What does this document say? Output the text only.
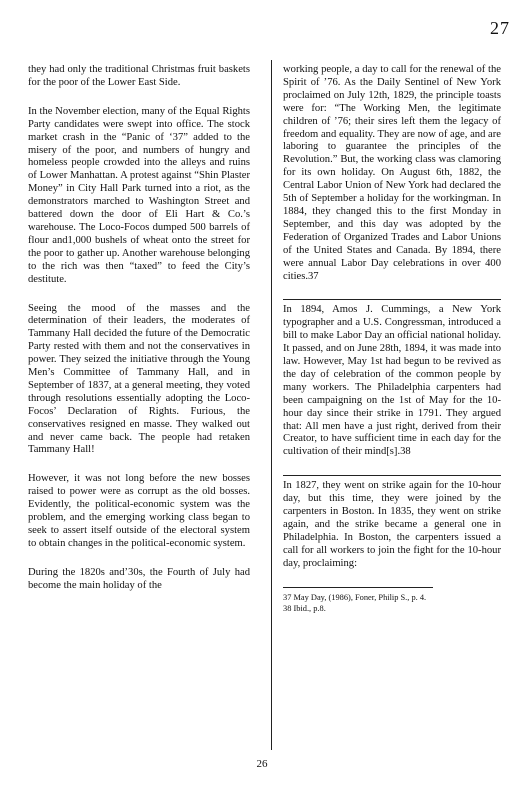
27

they had only the traditional Christmas fruit baskets for the poor of the Lower East Side.

In the November election, many of the Equal Rights Party candidates were swept into office. The stock market crash in the “Panic of ‘37” added to the misery of the poor, and numbers of hungry and homeless people crowded into the alleys and ruins of Lower Manhattan. A protest against “Shin Plaster Money” in City Hall Park turned into a riot, as the demonstrators marched to Washington Street and battered down the door of Eli Hart & Co.’s warehouse. The Loco-Focos dumped 500 barrels of flour and1,000 bushels of wheat onto the street for the poor to gather up. Another warehouse belonging to the rich was then “taxed” to feed the City’s destitute.

Seeing the mood of the masses and the determination of their leaders, the moderates of Tammany Hall decided the future of the Democratic Party rested with them and not the conservatives in power. They seized the initiative through the Young Men’s Committee of Tammany Hall, and in September of 1837, at a general meeting, they voted through resolutions essentially adopting the Loco-Focos’ Declaration of Rights. Furious, the conservatives resigned en masse. They walked out and never came back. The people had retaken Tammany Hall!

However, it was not long before the new bosses raised to power were as corrupt as the old bosses. Evidently, the political-economic system was the problem, and the emerging working class began to seek to assert itself outside of the electoral system to obtain changes in the political-economic system.

During the 1820s and’30s, the Fourth of July had become the main holiday of the

working people, a day to call for the renewal of the Spirit of ’76. As the Daily Sentinel of New York proclaimed on July 12th, 1829, the principle toasts were for: “The Working Men, the legitimate children of ’76; their sires left them the legacy of freedom and equality. They are now of age, and are laboring to guarantee the principles of the Revolution.” But, the working class was clamoring for its own holiday. On August 6th, 1882, the Central Labor Union of New York had declared the 5th of September a holiday for the workingman. In 1884, they changed this to the first Monday in September, and this day was adopted by the Federation of Organized Trades and Labor Unions of the United States and Canada. By 1894, there were annual Labor Day celebrations in over 400 cities.37

In 1894, Amos J. Cummings, a New York typographer and a U.S. Congressman, introduced a bill to make Labor Day an official national holiday. It passed, and on June 28th, 1894, it was made into law. However, May 1st had begun to be revived as the day of celebration of the common people by many workers. The Philadelphia carpenters had been campaigning on the 1st of May for the 10-hour day since their strike in 1791. They argued that: All men have a just right, derived from their Creator, to have sufficient time in each day for the cultivation of their mind[s].38

In 1827, they went on strike again for the 10-hour day, but this time, they were joined by the carpenters in Boston. In 1835, they went on strike again, and the strike became a general one in Philadelphia. In Boston, the carpenters issued a call for all workers to join the fight for the 10-hour day, proclaiming:

37 May Day, (1986), Foner, Philip S., p. 4.

38 Ibid., p.8.

26
